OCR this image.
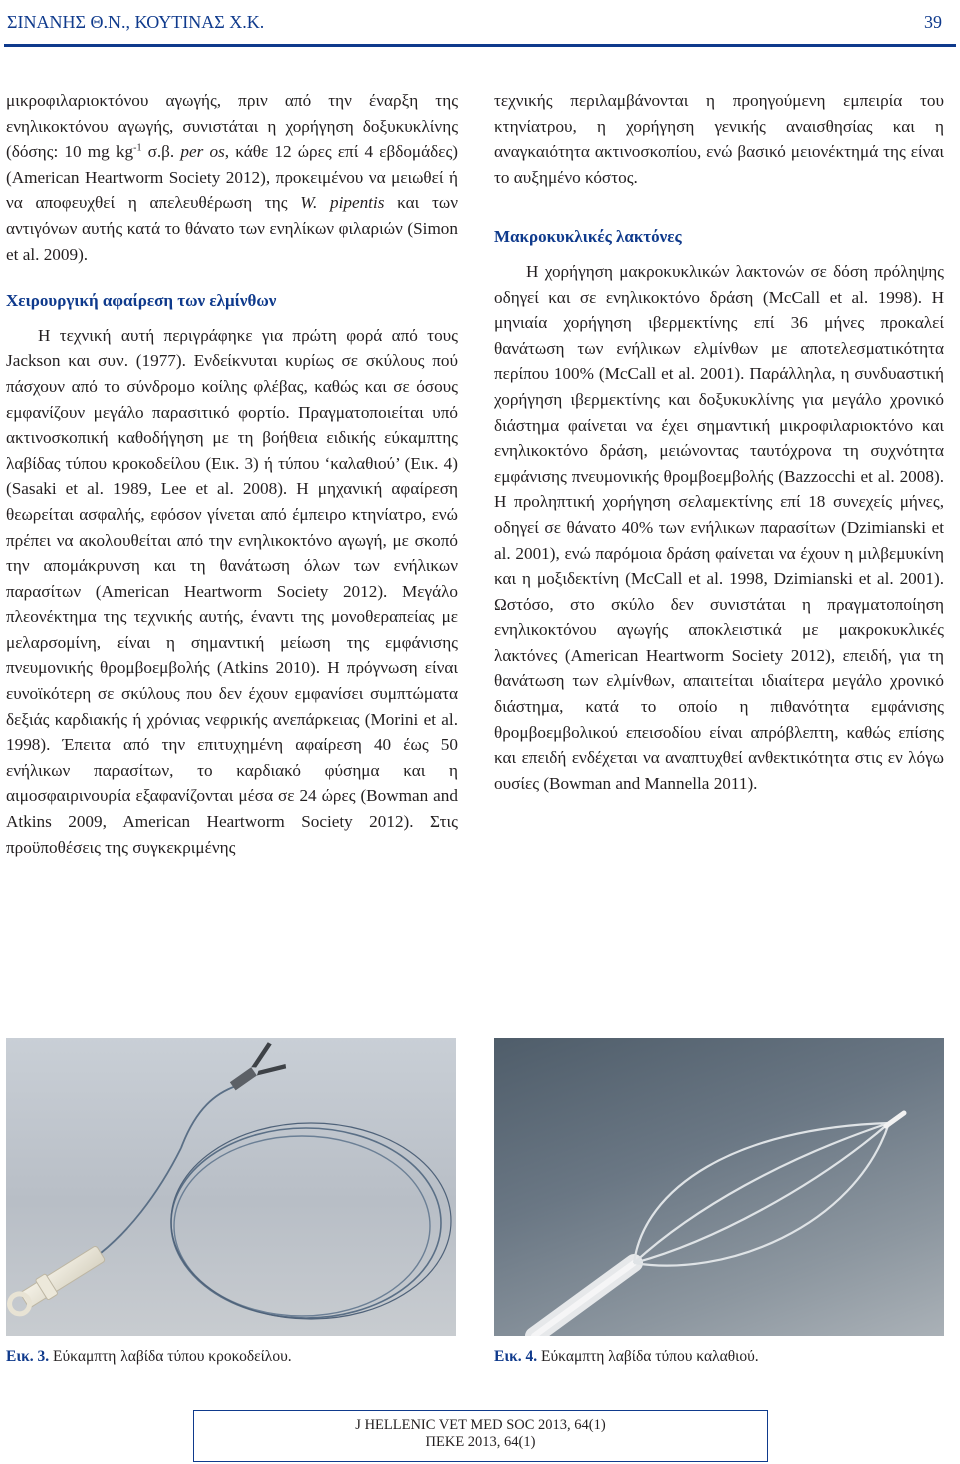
ΣΙΝΑΝΗΣ Θ.Ν., ΚΟΥΤΙΝΑΣ Χ.Κ.	39

μικροφιλαριοκτόνου αγωγής, πριν από την έναρξη της ενηλικοκτόνου αγωγής, συνιστάται η χορήγηση δοξυκυκλίνης (δόσης: 10 mg $kg^{-1}$ σ.β. per os, κάθε 12 ώρες επί 4 εβδομάδες) (American Heartworm Society 2012), προκειμένου να μειωθεί ή να αποφευχθεί η απελευθέρωση της W. pipentis και των αντιγόνων αυτής κατά το θάνατο των ενηλίκων φιλαριών (Simon et al. 2009).

Χειρουργική αφαίρεση των ελμίνθων

Η τεχνική αυτή περιγράφηκε για πρώτη φορά από τους Jackson και συν. (1977). Ενδείκνυται κυρίως σε σκύλους πού πάσχουν από το σύνδρομο κοίλης φλέβας, καθώς και σε όσους εμφανίζουν μεγάλο παρασιτικό φορτίο. Πραγματοποιείται υπό ακτινοσκοπική καθοδήγηση με τη βοήθεια ειδικής εύκαμπτης λαβίδας τύπου κροκοδείλου (Εικ. 3) ή τύπου ‘καλαθιού’ (Εικ. 4) (Sasaki et al. 1989, Lee et al. 2008). Η μηχανική αφαίρεση θεωρείται ασφαλής, εφόσον γίνεται από έμπειρο κτηνίατρο, ενώ πρέπει να ακολουθείται από την ενηλικοκτόνο αγωγή, με σκοπό την απομάκρυνση και τη θανάτωση όλων των ενήλικων παρασίτων (American Heartworm Society 2012). Μεγάλο πλεονέκτημα της τεχνικής αυτής, έναντι της μονοθεραπείας με μελαρσομίνη, είναι η σημαντική μείωση της εμφάνισης πνευμονικής θρομβοεμβολής (Atkins 2010). Η πρόγνωση είναι ευνοϊκότερη σε σκύλους που δεν έχουν εμφανίσει συμπτώματα δεξιάς καρδιακής ή χρόνιας νεφρικής ανεπάρκειας (Morini et al. 1998). Έπειτα από την επιτυχημένη αφαίρεση 40 έως 50 ενήλικων παρασίτων, το καρδιακό φύσημα και η αιμοσφαιρινουρία εξαφανίζονται μέσα σε 24 ώρες (Bowman and Atkins 2009, American Heartworm Society 2012). Στις προϋποθέσεις της συγκεκριμένης

τεχνικής περιλαμβάνονται η προηγούμενη εμπειρία του κτηνίατρου, η χορήγηση γενικής αναισθησίας και η αναγκαιότητα ακτινοσκοπίου, ενώ βασικό μειονέκτημά της είναι το αυξημένο κόστος.

Μακροκυκλικές λακτόνες

Η χορήγηση μακροκυκλικών λακτονών σε δόση πρόληψης οδηγεί και σε ενηλικοκτόνο δράση (McCall et al. 1998). Η μηνιαία χορήγηση ιβερμεκτίνης επί 36 μήνες προκαλεί θανάτωση των ενήλικων ελμίνθων με αποτελεσματικότητα περίπου 100% (McCall et al. 2001). Παράλληλα, η συνδυαστική χορήγηση ιβερμεκτίνης και δοξυκυκλίνης για μεγάλο χρονικό διάστημα φαίνεται να έχει σημαντική μικροφιλαριοκτόνο και ενηλικοκτόνο δράση, μειώνοντας ταυτόχρονα τη συχνότητα εμφάνισης πνευμονικής θρομβοεμβολής (Bazzocchi et al. 2008). Η προληπτική χορήγηση σελαμεκτίνης επί 18 συνεχείς μήνες, οδηγεί σε θάνατο 40% των ενήλικων παρασίτων (Dzimianski et al. 2001), ενώ παρόμοια δράση φαίνεται να έχουν η μιλβεμυκίνη και η μοξιδεκτίνη (McCall et al. 1998, Dzimianski et al. 2001). Ωστόσο, στο σκύλο δεν συνιστάται η πραγματοποίηση ενηλικοκτόνου αγωγής αποκλειστικά με μακροκυκλικές λακτόνες (American Heartworm Society 2012), επειδή, για τη θανάτωση των ελμίνθων, απαιτείται ιδιαίτερα μεγάλο χρονικό διάστημα, κατά το οποίο η πιθανότητα εμφάνισης θρομβοεμβολικού επεισοδίου είναι απρόβλεπτη, καθώς επίσης και επειδή ενδέχεται να αναπτυχθεί ανθεκτικότητα στις εν λόγω ουσίες (Bowman and Mannella 2011).

Εικ. 3. Εύκαμπτη λαβίδα τύπου κροκοδείλου.	Εικ. 4. Εύκαμπτη λαβίδα τύπου καλαθιού.
J HELLENIC VET MED SOC 2013, 64(1)
ΠΕΚΕ 2013, 64(1)
